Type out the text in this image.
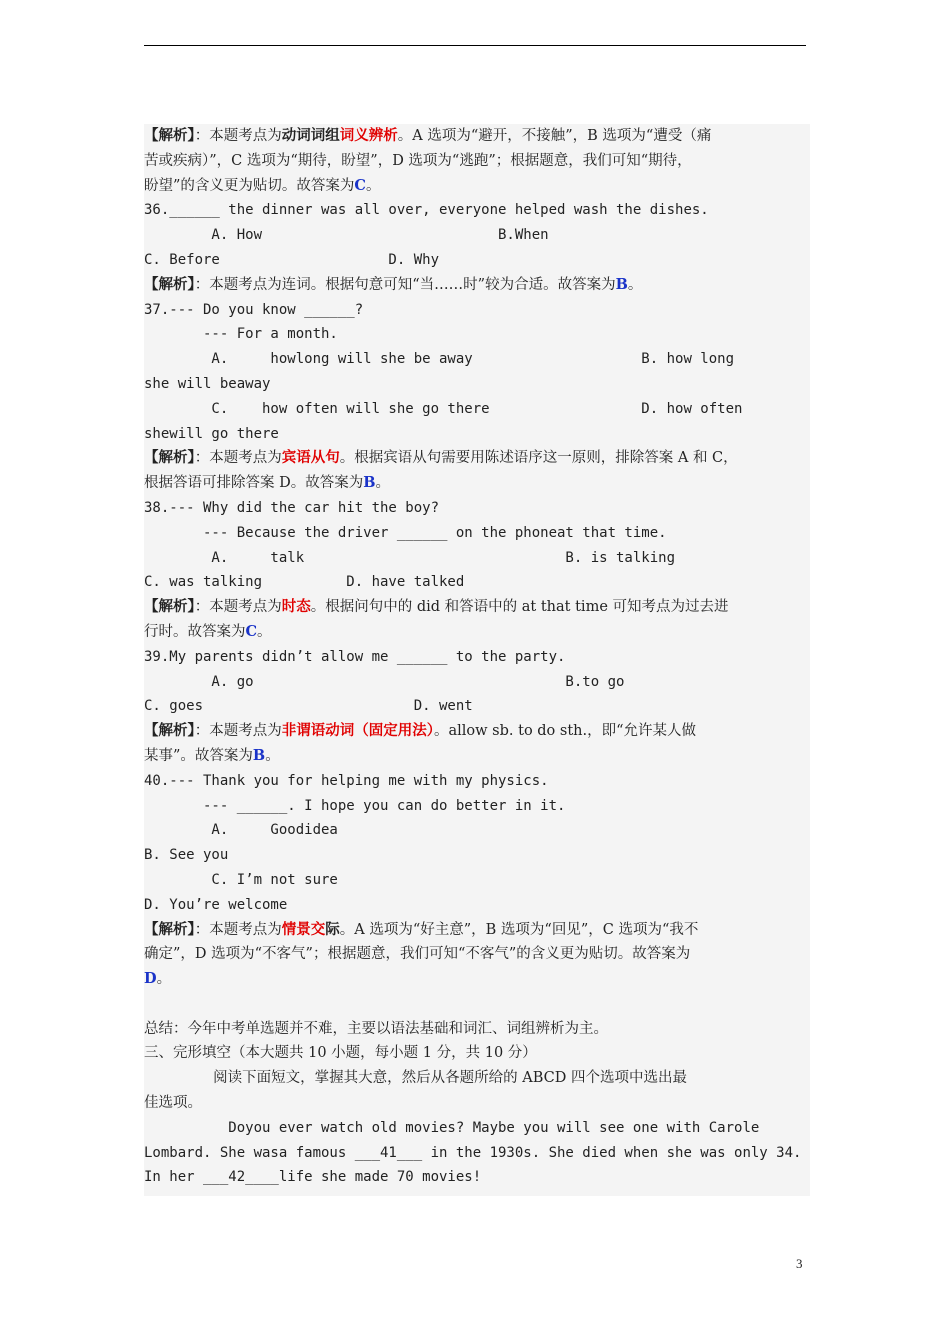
【解析】：本题考点为动词词组词义辨析。A 选项为“避开，不接触”，B 选项为“遭受（痛
苦或疾病）”，C 选项为“期待，盼望”，D 选项为“逃跑”；根据题意，我们可知“期待，
盼望”的含义更为贴切。故答案为C。
36.______ the dinner was all over, everyone helped wash the dishes.
A. How                            B.When
C. Before                    D. Why
【解析】：本题考点为连词。根据句意可知“当……时”较为合适。故答案为B。
37.--- Do you know ______?
--- For a month.
A.     howlong will she be away                    B. how long
she will beaway
C.    how often will she go there                  D. how often
shewill go there
【解析】：本题考点为宾语从句。根据宾语从句需要用陈述语序这一原则，排除答案 A 和 C，
根据答语可排除答案 D。故答案为B。
38.--- Why did the car hit the boy?
--- Because the driver ______ on the phoneat that time.
A.     talk                               B. is talking
C. was talking          D. have talked
【解析】：本题考点为时态。根据问句中的 did 和答语中的 at that time 可知考点为过去进
行时。故答案为C。
39.My parents didn’t allow me ______ to the party.
A. go                                     B.to go
C. goes                         D. went
【解析】：本题考点为非谓语动词（固定用法）。allow sb. to do sth.，即“允许某人做
某事”。故答案为B。
40.--- Thank you for helping me with my physics.
--- ______. I hope you can do better in it.
A.     Goodidea
B. See you
C. I’m not sure
D. You’re welcome
【解析】：本题考点为情景交际。A 选项为“好主意”，B 选项为“回见”，C 选项为“我不
确定”，D 选项为“不客气”；根据题意，我们可知“不客气”的含义更为贴切。故答案为
D。

总结：今年中考单选题并不难，主要以语法基础和词汇、词组辨析为主。
三、完形填空（本大题共 10 小题，每小题 1 分，共 10 分）
阅读下面短文，掌握其大意，然后从各题所给的 ABCD 四个选项中选出最
佳选项。
Doyou ever watch old movies? Maybe you will see one with Carole
Lombard. She wasa famous ___41___ in the 1930s. She died when she was only 34.
In her ___42____life she made 70 movies!
3
